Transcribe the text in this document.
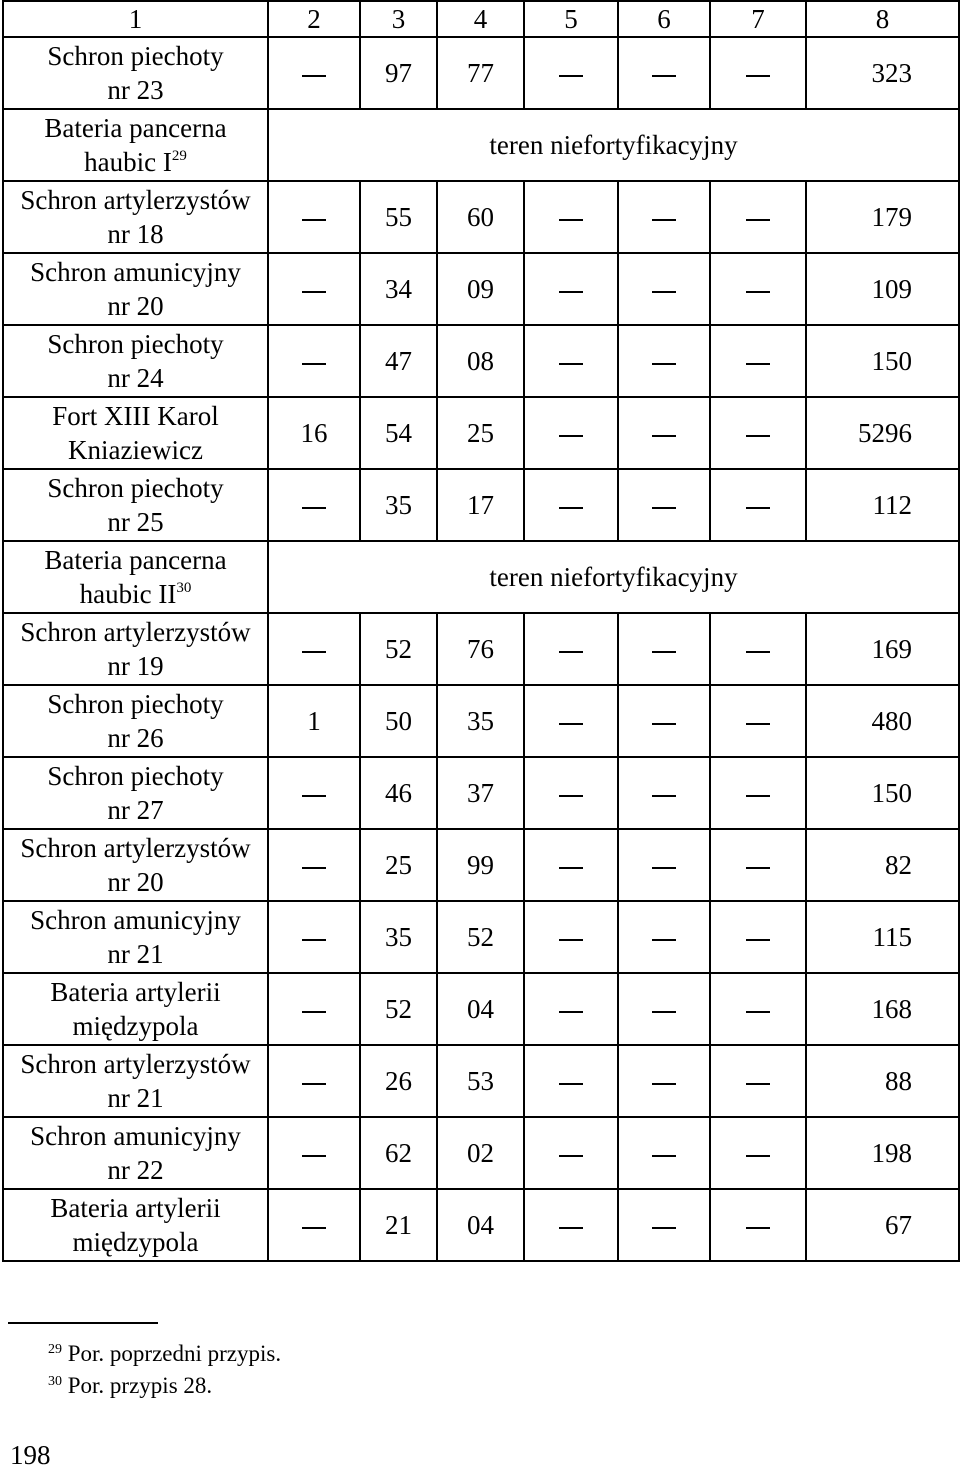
1	2	3	4	5	6	7	8

Schron piechoty
nr 23		97	77				323

Bateria pancerna
haubic $I^{29}$	teren niefortyfikacyjny						

Schron artylerzystów
nr 18		55	60				179

Schron amunicyjny
nr 20		34	09				109

Schron piechoty
nr 24		47	08				150

Fort XIII Karol
Kniaziewicz	16	54	25				5296

Schron piechoty
nr 25		35	17				112

Bateria pancerna
haubic II$^{30}$	teren niefortyfikacyjny						

Schron artylerzystów
nr 19		52	76				169

Schron piechoty
nr 26	1	50	35				480

Schron piechoty
nr 27		46	37				150

Schron artylerzystów
nr 20		25	99				82

Schron amunicyjny
nr 21		35	52				115

Bateria artylerii
międzypola		52	04				168

Schron artylerzystów
nr 21		26	53				88

Schron amunicyjny
nr 22		62	02				198

Bateria artylerii
międzypola		21	04				67
$^{29}$ Por. poprzedni przypis.
$^{30}$ Por. przypis 28.
198
